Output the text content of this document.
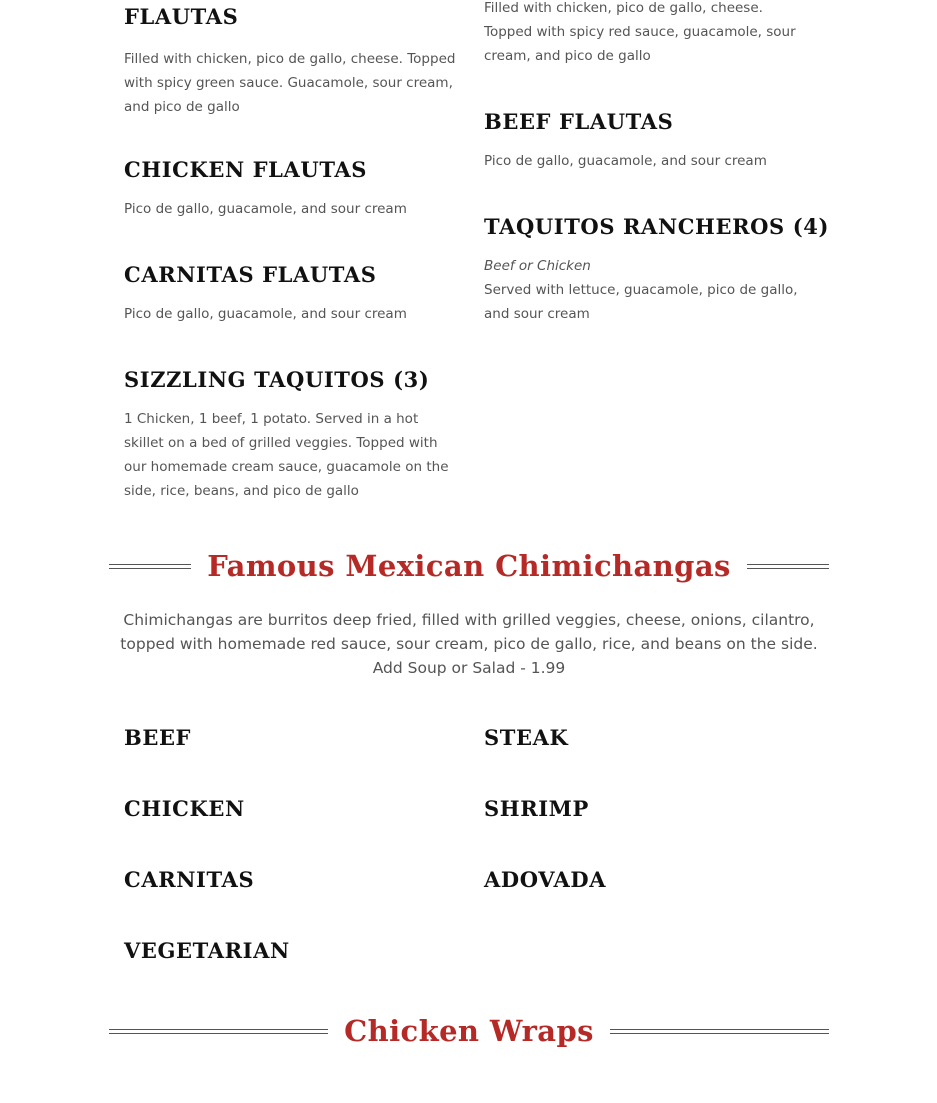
FLAUTAS
Filled with chicken, pico de gallo, cheese. Topped with spicy green sauce. Guacamole, sour cream, and pico de gallo
Filled with chicken, pico de gallo, cheese. Topped with spicy red sauce, guacamole, sour cream, and pico de gallo
CHICKEN FLAUTAS
Pico de gallo, guacamole, and sour cream
BEEF FLAUTAS
Pico de gallo, guacamole, and sour cream
CARNITAS FLAUTAS
Pico de gallo, guacamole, and sour cream
TAQUITOS RANCHEROS (4)
Beef or Chicken
Served with lettuce, guacamole, pico de gallo, and sour cream
SIZZLING TAQUITOS (3)
1 Chicken, 1 beef, 1 potato. Served in a hot skillet on a bed of grilled veggies. Topped with our homemade cream sauce, guacamole on the side, rice, beans, and pico de gallo
Famous Mexican Chimichangas
Chimichangas are burritos deep fried, filled with grilled veggies, cheese, onions, cilantro, topped with homemade red sauce, sour cream, pico de gallo, rice, and beans on the side. Add Soup or Salad - 1.99
BEEF	STEAK
CHICKEN	SHRIMP
CARNITAS	ADOVADA
VEGETARIAN
Chicken Wraps
